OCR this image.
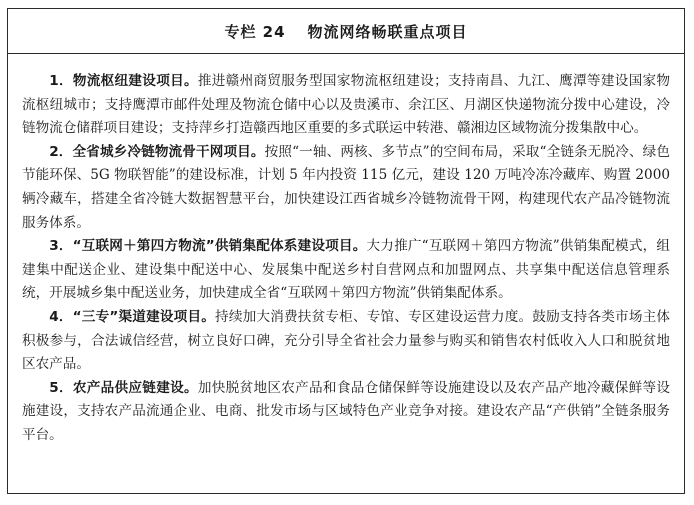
专栏 24 物流网络畅联重点项目

1．物流枢纽建设项目。推进赣州商贸服务型国家物流枢纽建设；支持南昌、九江、鹰潭等建设国家物流枢纽城市；支持鹰潭市邮件处理及物流仓储中心以及贵溪市、余江区、月湖区快递物流分拨中心建设，冷链物流仓储群项目建设；支持萍乡打造赣西地区重要的多式联运中转港、赣湘边区域物流分拨集散中心。

2．全省城乡冷链物流骨干网项目。按照“一轴、两核、多节点”的空间布局，采取“全链条无脱冷、绿色节能环保、5G 物联智能”的建设标准，计划 5 年内投资 115 亿元，建设 120 万吨冷冻冷藏库、购置 2000 辆冷藏车，搭建全省冷链大数据智慧平台，加快建设江西省城乡冷链物流骨干网，构建现代农产品冷链物流服务体系。

3．“互联网＋第四方物流”供销集配体系建设项目。大力推广“互联网＋第四方物流”供销集配模式，组建集中配送企业、建设集中配送中心、发展集中配送乡村自营网点和加盟网点、共享集中配送信息管理系统，开展城乡集中配送业务，加快建成全省“互联网＋第四方物流”供销集配体系。

4．“三专”渠道建设项目。持续加大消费扶贫专柜、专馆、专区建设运营力度。鼓励支持各类市场主体积极参与，合法诚信经营，树立良好口碑，充分引导全省社会力量参与购买和销售农村低收入人口和脱贫地区农产品。

5．农产品供应链建设。加快脱贫地区农产品和食品仓储保鲜等设施建设以及农产品产地冷藏保鲜等设施建设，支持农产品流通企业、电商、批发市场与区域特色产业竞争对接。建设农产品“产供销”全链条服务平台。
